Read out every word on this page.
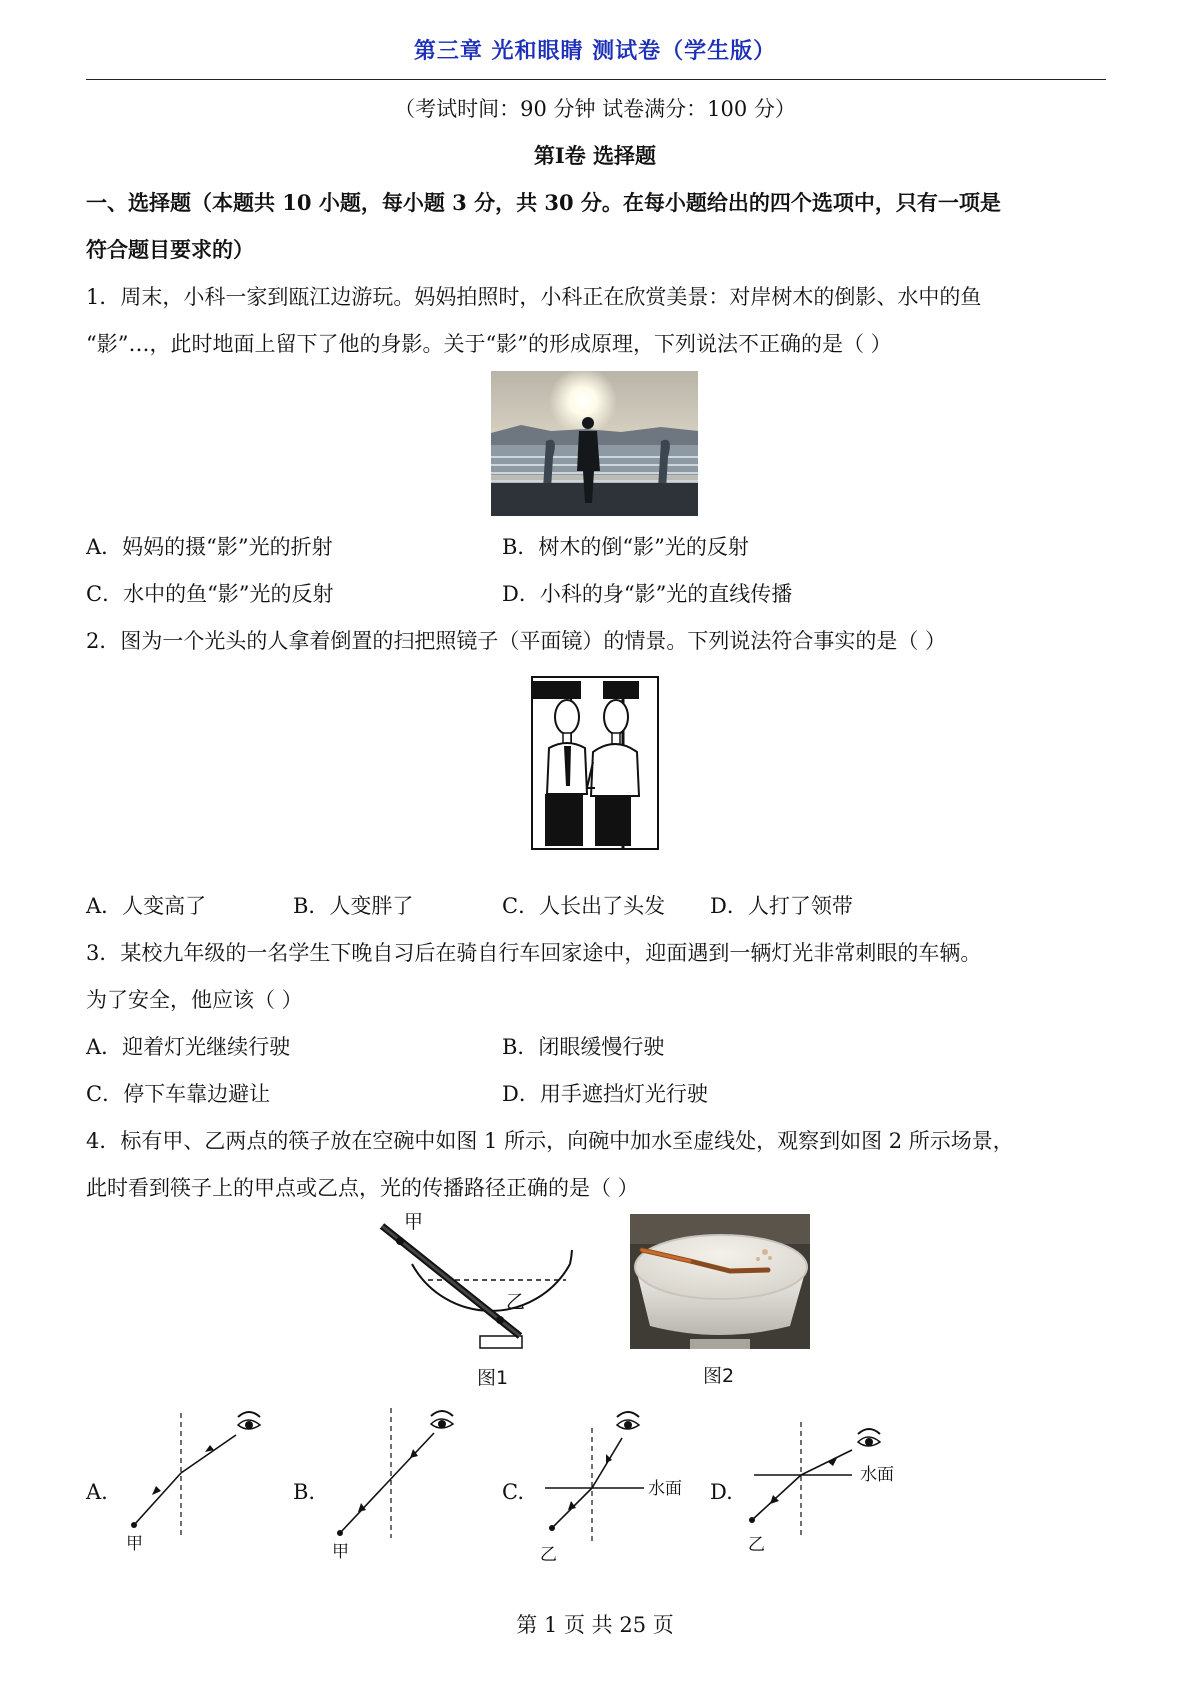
第三章 光和眼睛 测试卷（学生版）
（考试时间：90 分钟 试卷满分：100 分）
第Ⅰ卷 选择题
一、选择题（本题共 10 小题，每小题 3 分，共 30 分。在每小题给出的四个选项中，只有一项是
符合题目要求的）
1．周末，小科一家到瓯江边游玩。妈妈拍照时，小科正在欣赏美景：对岸树木的倒影、水中的鱼
“影”…，此时地面上留下了他的身影。关于“影”的形成原理，下列说法不正确的是（ ）
A．妈妈的摄“影”光的折射	B．树木的倒“影”光的反射
C．水中的鱼“影”光的反射	D．小科的身“影”光的直线传播
2．图为一个光头的人拿着倒置的扫把照镜子（平面镜）的情景。下列说法符合事实的是（ ）
A．人变高了	B．人变胖了	C．人长出了头发 D．人打了领带
3．某校九年级的一名学生下晚自习后在骑自行车回家途中，迎面遇到一辆灯光非常刺眼的车辆。
为了安全，他应该（ ）
A．迎着灯光继续行驶	B．闭眼缓慢行驶
C．停下车靠边避让	D．用手遮挡灯光行驶
4．标有甲、乙两点的筷子放在空碗中如图 1 所示，向碗中加水至虚线处，观察到如图 2 所示场景，
此时看到筷子上的甲点或乙点，光的传播路径正确的是（ ）
甲
乙
图1	图2
A.
甲
B.
甲
C.	水面
乙
D.
水面
乙
第 1 页 共 25 页
